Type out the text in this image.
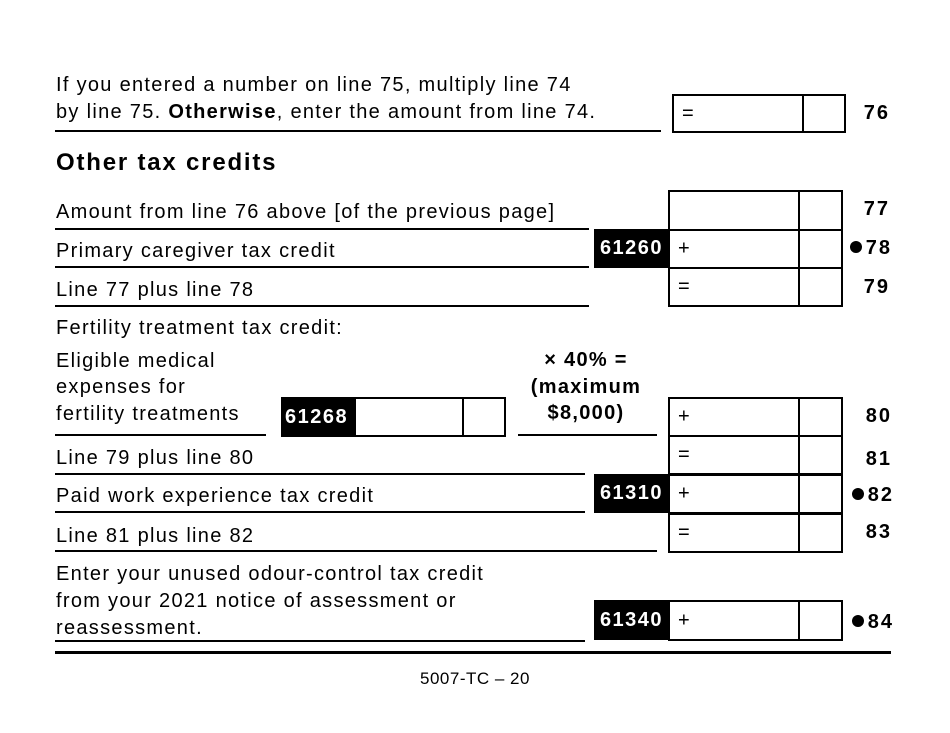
If you entered a number on line 75, multiply line 74
by line 75. Otherwise, enter the amount from line 74.	=	76
Other tax credits
Amount from line 76 above [of the previous page]	77
Primary caregiver tax credit	61260 +	78
Line 77 plus line 78	=	79
Fertility treatment tax credit:
Eligible medical
expenses for
fertility treatments 61268
× 40% =
(maximum
$8,000)	+	80
Line 79 plus line 80	=	81
Paid work experience tax credit	61310 +	82
Line 81 plus line 82	=	83
Enter your unused odour-control tax credit
from your 2021 notice of assessment or
reassessment.	61340 +	84
5007-TC – 20
